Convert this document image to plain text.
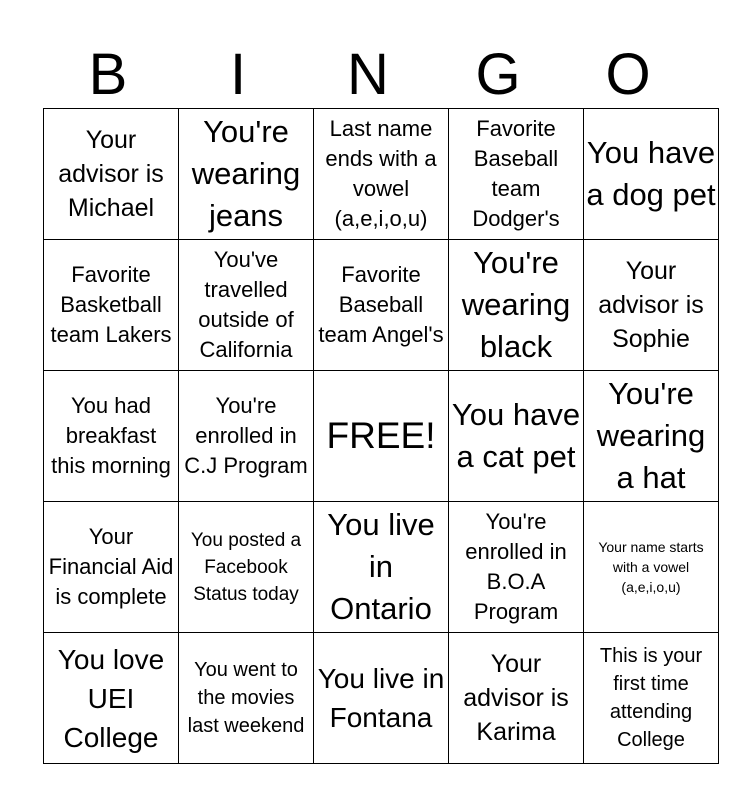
B	I	N	G	O
Your advisor is Michael	You're wearing jeans	Last name ends with a vowel (a,e,i,o,u)	Favorite Baseball team Dodger's	You have a dog pet
Favorite Basketball team Lakers	You've travelled outside of California	Favorite Baseball team Angel's	You're wearing black	Your advisor is Sophie
You had breakfast this morning	You're enrolled in C.J Program	FREE!	You have a cat pet	You're wearing a hat
Your Financial Aid is complete	You posted a Facebook Status today	You live in Ontario	You're enrolled in B.O.A Program	Your name starts with a vowel (a,e,i,o,u)
You love UEI College	You went to the movies last weekend	You live in Fontana	Your advisor is Karima	This is your first time attending College
